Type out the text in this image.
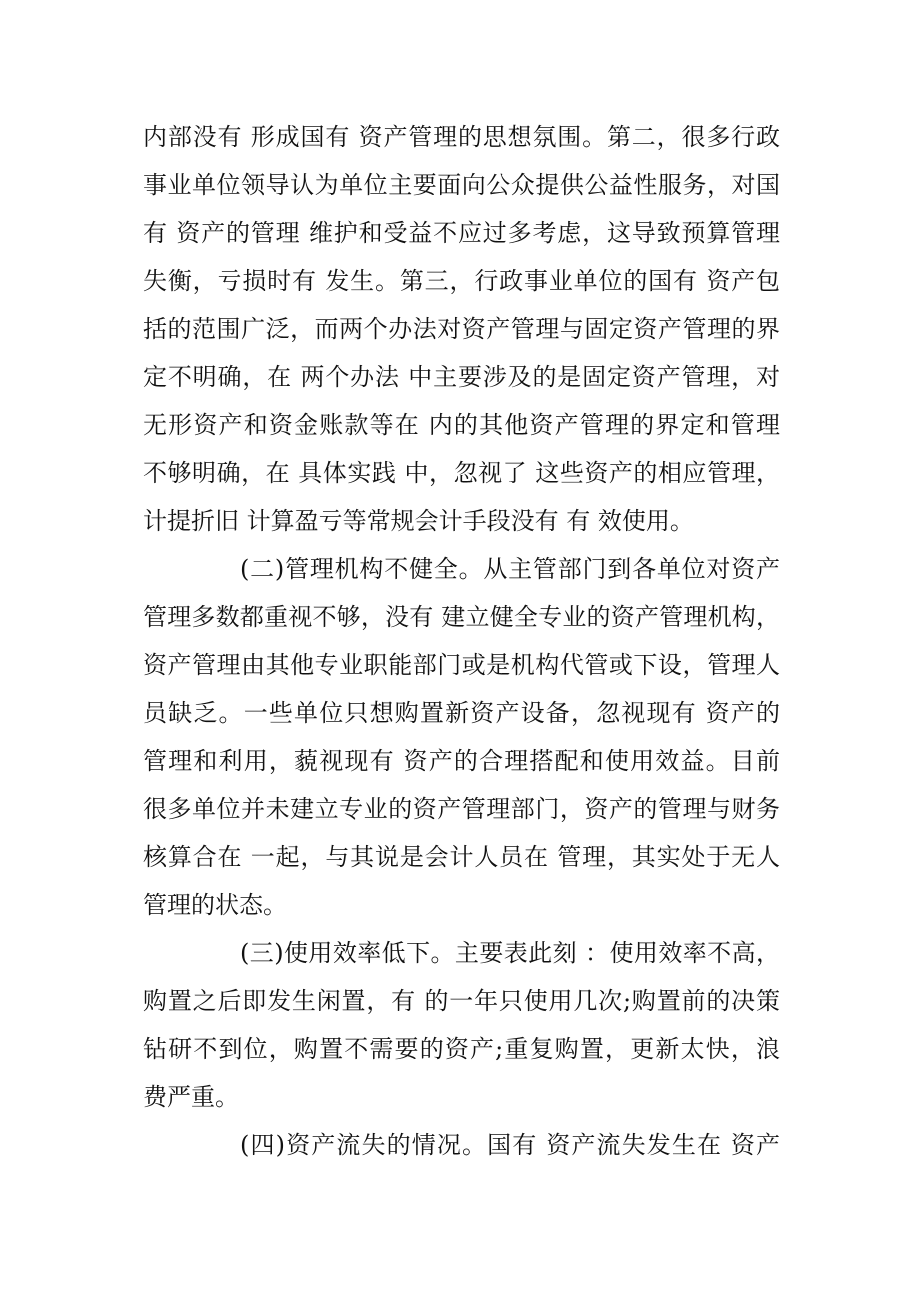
内部没有 形成国有 资产管理的思想氛围。第二，很多行政
事业单位领导认为单位主要面向公众提供公益性服务，对国
有 资产的管理 维护和受益不应过多考虑，这导致预算管理
失衡，亏损时有 发生。第三，行政事业单位的国有 资产包
括的范围广泛，而两个办法对资产管理与固定资产管理的界
定不明确，在 两个办法 中主要涉及的是固定资产管理，对
无形资产和资金账款等在 内的其他资产管理的界定和管理
不够明确，在 具体实践 中，忽视了 这些资产的相应管理，
计提折旧 计算盈亏等常规会计手段没有 有 效使用。
(二)管理机构不健全。从主管部门到各单位对资产
管理多数都重视不够，没有 建立健全专业的资产管理机构，
资产管理由其他专业职能部门或是机构代管或下设，管理人
员缺乏。一些单位只想购置新资产设备，忽视现有 资产的
管理和利用，藐视现有 资产的合理搭配和使用效益。目前
很多单位并未建立专业的资产管理部门，资产的管理与财务
核算合在 一起，与其说是会计人员在 管理，其实处于无人
管理的状态。
(三)使用效率低下。主要表此刻 ：使用效率不高，
购置之后即发生闲置，有 的一年只使用几次;购置前的决策
钻研不到位，购置不需要的资产;重复购置，更新太快，浪
费严重。
(四)资产流失的情况。国有 资产流失发生在 资产
